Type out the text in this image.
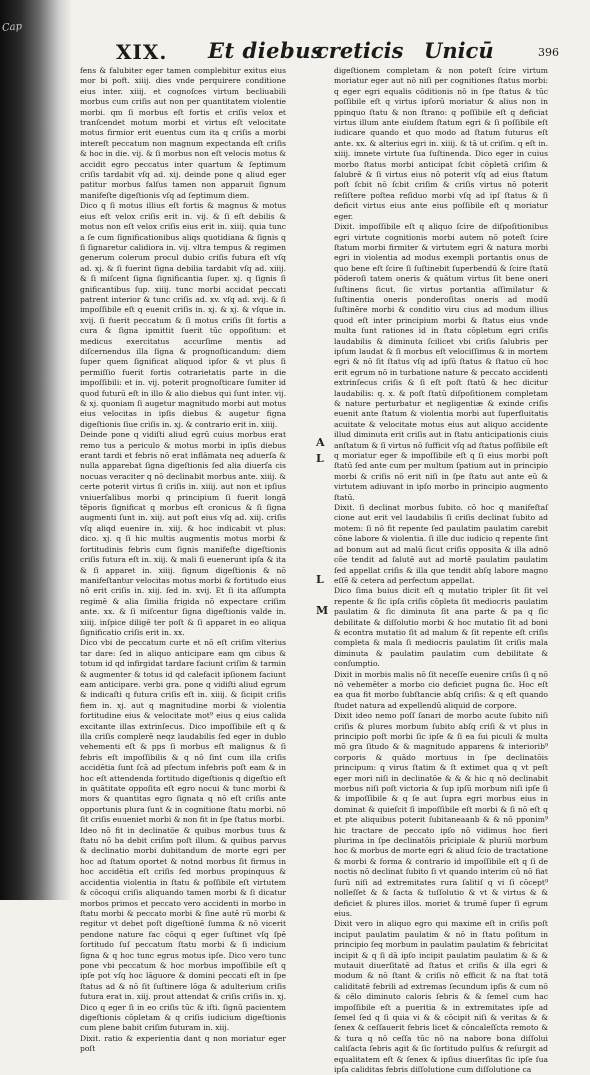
Cap
XIX. Et diebus
creticis Unicū	396

fens & falubiter eger tamen complebitur exitus eius mor bi poft. xiiij. dies vnde perquirere conditione eius inter. xiiij. et cognoſces virtum becliuabili morbus cum criſis aut non per quantitatem violentie morbi. qm ſi morbus eſt fortis et criſis velox et tranſcendet motum morbi et virtus eſt velocitate motus firmior erit euentus cum ita q criſis a morbi intereſt peccatum non magnum expectanda eſt criſis & hoc in die. vij. & ſi morbus non eſt velocis motus & accidit egro peccatus inter quartum & ſeptimum criſis tardabit vſq ad. xij. deinde pone q aliud eger patitur morbus falſus tamen non apparuit ſignum manifeſte digeſtionis vſq ad ſeptimum diem.

Dico q ſi motus illius eſt fortis & magnus & motus eius eſt velox criſis erit in. vij. & ſi eſt debilis & motus non eſt velox criſis eius erit in. xiiij. quia tunc a ſe cum ſignificationibus aliqs quotidiana & ſignis q ſi ſignaretur calidiora in. vij. vltra tempus & regimen generum colerum procul dubio criſis futura eſt vſq ad. xj. & ſi fuerint ſigna debilia tardabit vſq ad. xiiij. & ſi miſcent ſigna ſignificantia ſuper. xj. q ſignis ſi gnificantibus ſup. xiiij. tunc morbi accidat peccati patrent interior & tunc criſis ad. xv. vſq ad. xvij. & ſi impoſſibile eſt q euenit criſis in. xj. & xj. & vſque in. xvij. ſi fuerit peccatum & ſi motus criſis ſit fortis a cura & ſigna ipmittit ſuerit tūc oppoſitum: et medicus exercitatus accurſime mentis ad diſcernendus illa ſigna & prognoſticandum: diem ſuper quem ſignificat aliquod ipſor & vt plus ſi permiſſio fuerit fortis cotrarietatis parte in die impoſſibili: et in. vij. poterit prognoſticare ſumiter id quod futurū eſt in illo & alio diebus qui ſunt inter. vij. & xj. quoniam ſi augetur magnitudo morbi aut motus eius velocitas in ipſis diebus & augetur figna digeſtionis ſiue criſis in. xj. & contrario erit in. xiiij.

Deinde pone q vidiſti aliud egrū cuius morbus erat remo tus a periculo & motus morbi in ipſis diebus erant tardi et febris nō erat inflāmata neq aduerſa & nulla apparebat ſigna digeſtionis ſed alia diuerſa cis nocuas veraciter q nō declinabit morbus ante. xiiij. & certe poterit virtus ſi criſis in. xiiij. aut non et ipſius vniuerſalibus morbi q principium ſi fuerit longā tēporis ſignificat q morbus eſt cronicus & ſi ſigna augmenti ſunt in. xiij. aut poſt eius vſq ad. xiij. criſis vſq aliqd euenire in. xiij. & hoc indicabit vt plus: dico. xj. q ſi hic multis augmentis motus morbi & ſortitudinis febris cum ſignis manifeſte digeſtionis criſis futura eſt in. xiij. & mali ſi euenerunt ipſa & ita & ſi apparet in. xiiij. ſignum digeſtionis & nō manifeſtantur velocitas motus morbi & fortitudo eius nō erit criſis in. xiij. ſed in. xvij. Et ſi ita aſſumpta regimē & alia ſimilia frigida nō expectare criſim ante. xx. & ſi miſcentur ſigna digeſtionis valde in. xiiij. inſpice diligē ter poſt & ſi apparet in eo aliqua ſignificatio criſis erit in. xx.

Dico vbi de peccatum curte et nō eſt criſim vlterius tar dare: ſed in aliquo anticipare eam qm cibus & totum id qd infirgidat tardare faciunt criſim & tarmin & augmenter & totus id qd calefacit ipſionem faciunt eam anticipare. verbi gra. pone q vidiſti aliud egrum & indicaſti q futura criſis eſt in. xiiij. & ſicipit criſis fiem in. xj. aut q magnitudine morbi & violentia fortitudine eius & velocitate mot⁹ eius q eius calida excitante illas extrinſecus. Dico impoſſibile eſt q & illa criſis complerē neqz laudabilis ſed eger in dublo vehementi eſt & pps ſi morbus eſt malignus & ſi febris eſt impoſſibilis & q nō ſint cum illa criſis accidētia ſunt ſcā ad pſectum infebris poſt eam & in hoc eſt attendenda fortitudo digeſtionis q digeſtio eſt in quātitate oppoſita eſt egro nocui & tunc morbi & mors & quantitas egro ſignata q nō eſt criſis ante opportunis plura ſunt & in cognitione ſtatu morbi. nō ſit criſis euueniet morbi & non fit in ſpe ſtatus morbi.

Ideo nō fit in declinatōe & quibus morbus tuus & ſtatu nō ba debit criſim poſt illum. & quibus parvus & declinatio morbi dubitandum de morte egri per hoc ad ſtatum oportet & notnd morbus ſit firmus in hoc accidētia eſt criſis ſed morbus propinquus & accidentia violentia in ſtatu & poſſibile eſt virtutem & cōcoqui criſis aliquando tamen morbi & ſi dicatur morbos primos et peccato vero accidenti in morbo in ſtatu morbi & peccato morbi & ſine autē rū morbi & regitur vt debet poſt digeſtionē ſumma & nō vicerit pendone nature fac cōqui q eger ſuſtinet vſq ſpē ſortitudo ſuſ peccatum ſtatu morbi & ſi indicium ſigna & q hoc tunc egrus motus ipſe. Dico vero tunc pone vbi peccatum & hoc morbus impoſſibile eſt q ipſe pot vſq hoc lāguore & domini peccati eſt in ſpe ſtatus ad & nō ſit ſuſtinere lōga & adulterium criſis futura erat in. xiij. prout attendat & criſis criſis in. xj. Dico q eger ſi in eo criſis tūc & iſti. ſignū pacientem digeſtionis cōpletam & q criſis iudicium digeſtionis cum plene babit criſim futuram in. xiij.

Dixit. ratio & experientia dant q non moriatur eger poſt

A
L
L
M

digeſtionem completam & non poteſt ſcire virtum moriatur eger aut nō niſi per cognitiones ſtatus morbi: q eger egri equalis cōditionis nō in ſpe ſtatus & tūc poſſibile eſt q virtus ipſorū moriatur & alius non in ppinquo ſtatu & non ſtrano: q poſſibile eſt q deficiat virtus illum ante eiuſdem ſtatum egri & ſi poſſibile eſt iudicare quando et quo modo ad ſtatum futurus eſt ante. xx. & alterius egri in. xiiij. & tā ut criſim. q eſt in. xiiij. imnete virtute ſua ſuſtinenda. Dico eger in cuius morbo ſtatus morbi anticipat ſcbit cōpletā criſim & ſalubrē & ſi virtus eius nō poterit vſq ad eius ſtatum poſt ſcbit nō ſcbit criſim & criſis virtus nō poterit reſiſtere poſtea reſiduo morbi vſq ad ipſ ſtatus & ſi deficit virtus eius ante eius poſſibile eſt q moriatur eger.

Dixit. impoſſibile eſt q aliquo ſcire de diſpoſitionibus egri virtute cognitionis morbi autem nō poteſt ſcire ſtatum morbi firmiter & virtutem egri & natura morbi egri in violentia ad modus exempli portantis onus de quo bene eſt ſcire ſi ſuſtinebit ſuperbendū & ſcire ſtatū pōderoſi tatem oneris & quātum virtus ſit bene oneri ſuſtinens ſicut. ſic virtus portantia aſſimilatur & ſuſtinentia oneris ponderoſitas oneris ad modū ſuſtinēre morbi & conditio viru cius ad modum illius quod eſt inter principium morbi & ſtatus eius vnde multa ſunt rationes id in ſtatu cōpletum egri criſis laudabilis & diminuta ſcilicet vbi criſis ſalubris per ipſum laudat & ſi morbus eſt velociſſimus & in mortem egri & nō ſit ſtatus vſq ad ipſū ſtatus & ſtatuo cū hoc erit egrum nō in turbatione nature & peccato accidenti extrinſecus criſis & ſi eſt poſt ſtatū & hec dicitur laudabilis: q. x. & poſt ſtatū diſpoſitionem completam & nature perturbatur et negligentiæ & exinde criſis euenit ante ſtatum & violentia morbi aut ſuperfluitatis acuitate & velocitate motus eius aut aliquo accidente illud diminuta erit criſis aut in ſtatu anticipationis ciuis anſtatum & ſi virtus nō ſufficit vſq ad ſtatus poſſibile eſt q moriatur eger & impoſſibile eſt q ſi eius morbi poſt ſtatū ſed ante cum per multum ſpatium aut in principio morbi & criſis nō erit niſi in ſpe ſtatu aut ante eū & virtutem adiuvant in ipſo morbo in principio augmento ſtatū.

Dixit. ſi declinat morbus ſubito. cō hoc q manifeſtaſ cione aut erit vel laudabilis ſi criſis declinat ſubito ad motem: ſi nō fit repente ſed paulatim paulatim carebit cōne labore & violentia. ſi ille duc iudicio q repente ſint ad bonum aut ad malū ſicut criſis opposita & illa adnō cōe tendit ad ſalutē aut ad mortē paulatim paulatim ſed appellat criſis & illa que tendit abſq labore magno eſſē & cetera ad perfectum appellat.

Dico ſima buius dicit eſt q mutatio tripler ſit ſit vel repente & ſic ipſa criſis cōpleta ſit mediocris paulatim paulatim & ſic diminuta ſit ana parte & pa q ſic debilitate & diſſolutio morbi & hoc mutatio ſit ad boni & econtra mutatio ſit ad malum & ſit repente eſt criſis completa & mala ſi mediocris paulatim ſit criſis mala diminuta & paulatim paulatim cum debilitate & conſumptio.

Dixit in morbis malis nō ſit neceſſe euenire criſis ſi q nō nō vehemēter a morbo cio deficiet pugna ſic. Hoc eſt ea qua fit morbo ſubſtancie abſq criſis: & q eſt quando ſtudet natura ad expellendū aliquid de corpore.

Dixit ideo nemo poſſ ſanari de morbo acute ſubito niſi criſis & plures morbum ſubito abſq criſi & vt plus in principio poſt morbi ſic ipſe & ſi ea ſui piculi & multa mō gra ſitudo & & magnitudo apparens & interiorib⁹ corporis & quādo mortuus in ſpe declinatōis principum: q virus ſtatim & ſt extimet qua q vt peſt eger mori niſi in declinatōe & & & hic q nō declinabit morbus niſi poſt victoria & ſup ipſū morbum niſi ipſe ſi & impoſſibile & q ſe aut ſupra egri morbus eius in dominat & quieſcit ſi impoſſibile eſt morbi & ſi nō eſt q et pte aliquibus poterit ſubitaneaanb & & nō pponim⁹ hic tractare de peccato ipſo nō vidimus hoc fieri plurima in ſpe declinatōis prīcipiale & pluriū morbum hoc & morbus de morte egri & aliud ſcio de tractatione & morbi & forma & contrario id impoſſibile eſt q ſi de noctis nō declinat ſubito ſi vt quando interim cū nō fiat ſurū niſi ad extremitates rura ſalitiſ q vi ſi cōcept⁹ nolleſſet & & ſacta & tuſſolutio & vt & virtus & & deficiet & plures illos. moriet & trumē ſuper ſi egrum eius.

Dixit vero in aliquo egro qui maxime eſt in criſis poſt inciput paulatim paulatim & nō in ſtatu poſitum in principio ſeq morbum in paulatim paulatim & febricitat incipit & q ſi dā ipſo incipit paulatim paulatim & & & mutauit diuerſitatē ad ſtatus et criſis & illa egri & modum & nō ſtant & criſis nō efficit & na ſtat totā caliditatē febrili ad extremas ſecundum ipſis & cum nō & cēlo diminuto caloris ſebris & & ſemel cum hac impoſſibile eſt a pueritia & in extremitates ipſe ad ſemel ſed q ſi quia vi & & cōcipit niſi & veritas & & ſenex & ceſſauerit febris licet & cōncaleſſcta remoto & & tura q nō ceſſa tūc nō na nabore bona diſſolui caliſacta ſebris agit & ſic ſortitudo pulſus & reſurgit ad equalitatem eſt & ſenex & ipſius diuerſitas ſic ipſe ſua ipſa caliditas febris diſſolutione cum diſſolutione ca
